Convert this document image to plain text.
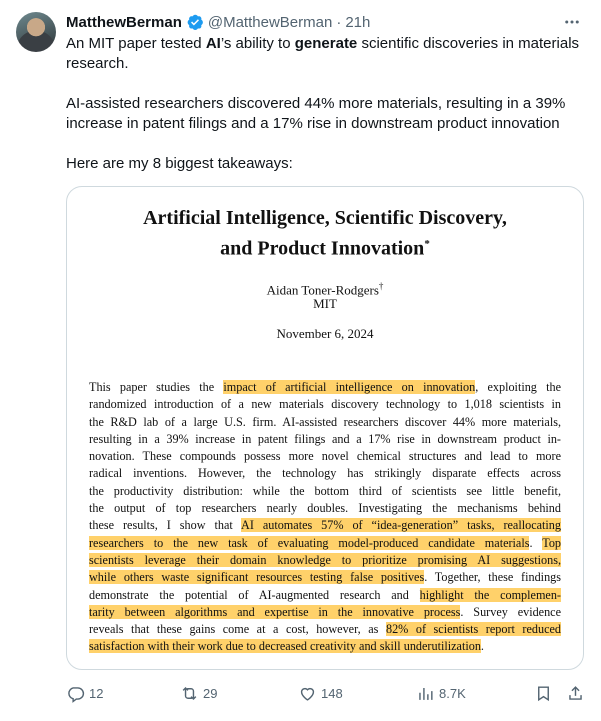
MatthewBerman @MatthewBerman · 21h

An MIT paper tested AI’s ability to generate scientific discoveries in materials research.

AI-assisted researchers discovered 44% more materials, resulting in a 39% increase in patent filings and a 17% rise in downstream product innovation

Here are my 8 biggest takeaways:

Artificial Intelligence, Scientific Discovery,
and Product Innovation*
Aidan Toner-Rodgers†
MIT
November 6, 2024
This paper studies the impact of artificial intelligence on innovation, exploiting the
randomized introduction of a new materials discovery technology to 1,018 scientists in
the R&D lab of a large U.S. firm. AI-assisted researchers discover 44% more materials,
resulting in a 39% increase in patent filings and a 17% rise in downstream product in-
novation. These compounds possess more novel chemical structures and lead to more
radical inventions. However, the technology has strikingly disparate effects across
the productivity distribution: while the bottom third of scientists see little benefit,
the output of top researchers nearly doubles. Investigating the mechanisms behind
these results, I show that AI automates 57% of “idea-generation” tasks, reallocating
researchers to the new task of evaluating model-produced candidate materials. Top
scientists leverage their domain knowledge to prioritize promising AI suggestions,
while others waste significant resources testing false positives. Together, these findings
demonstrate the potential of AI-augmented research and highlight the complemen-
tarity between algorithms and expertise in the innovative process. Survey evidence
reveals that these gains come at a cost, however, as 82% of scientists report reduced
satisfaction with their work due to decreased creativity and skill underutilization.
12	29	148	8.7K
